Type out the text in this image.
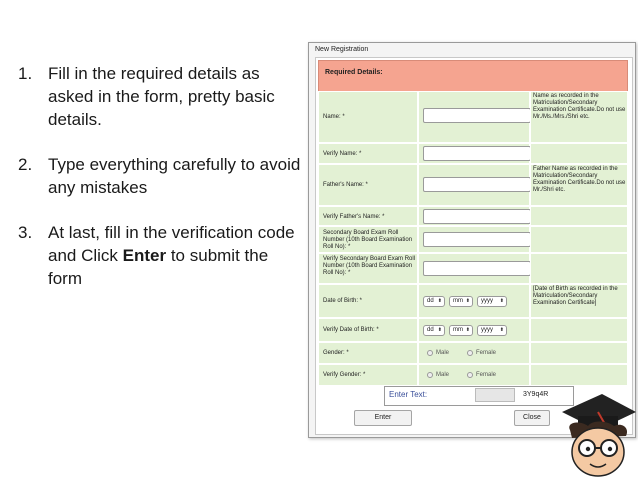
1. Fill in the required details as asked in the form, pretty basic details.
2. Type everything carefully to avoid any mistakes
3. At last, fill in the verification code and Click Enter to submit the form
New Registration
Required Details:
Name: *
Name as recorded in the Matriculation/Secondary Examination Certificate.Do not use Mr./Ms./Mrs./Shri etc.
Verify Name: *
Father's Name: *
Father Name as recorded in the Matriculation/Secondary Examination Certificate.Do not use Mr./Shri etc.
Verify Father's Name: *
Secondary Board Exam Roll Number (10th Board Examination Roll No): *
Verify Secondary Board Exam Roll Number (10th Board Examination Roll No): *
Date of Birth: *	dd ⬍	mm ⬍	yyyy ⬍
[Date of Birth as recorded in the Matriculation/Secondary Examination Certificate]
Verify Date of Birth: *	dd ⬍	mm ⬍	yyyy ⬍
Gender: *	Male	Female
Verify Gender: *	Male	Female
Enter Text:	3Y9q4R
Enter	Close
